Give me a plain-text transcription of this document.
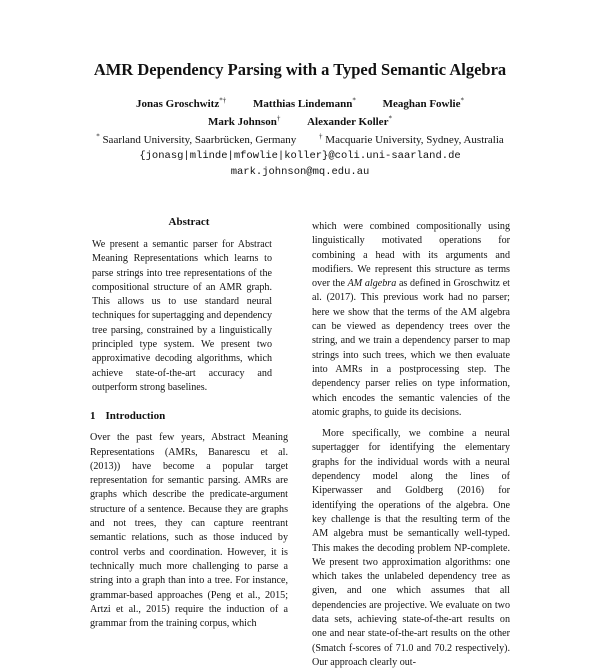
AMR Dependency Parsing with a Typed Semantic Algebra
Jonas Groschwitz*† Matthias Lindemann* Meaghan Fowlie*
Mark Johnson† Alexander Koller*
* Saarland University, Saarbrücken, Germany	† Macquarie University, Sydney, Australia
{jonasg|mlinde|mfowlie|koller}@coli.uni-saarland.de
mark.johnson@mq.edu.au
Abstract

We present a semantic parser for Abstract Meaning Representations which learns to parse strings into tree representations of the compositional structure of an AMR graph. This allows us to use standard neural techniques for supertagging and dependency tree parsing, constrained by a linguistically principled type system. We present two approximative decoding algorithms, which achieve state-of-the-art accuracy and outperform strong baselines.

1 Introduction

Over the past few years, Abstract Meaning Representations (AMRs, Banarescu et al. (2013)) have become a popular target representation for semantic parsing. AMRs are graphs which describe the predicate-argument structure of a sentence. Because they are graphs and not trees, they can capture reentrant semantic relations, such as those induced by control verbs and coordination. However, it is technically much more challenging to parse a string into a graph than into a tree. For instance, grammar-based approaches (Peng et al., 2015; Artzi et al., 2015) require the induction of a grammar from the training corpus, which

which were combined compositionally using linguistically motivated operations for combining a head with its arguments and modifiers. We represent this structure as terms over the AM algebra as defined in Groschwitz et al. (2017). This previous work had no parser; here we show that the terms of the AM algebra can be viewed as dependency trees over the string, and we train a dependency parser to map strings into such trees, which we then evaluate into AMRs in a postprocessing step. The dependency parser relies on type information, which encodes the semantic valencies of the atomic graphs, to guide its decisions.

More specifically, we combine a neural supertagger for identifying the elementary graphs for the individual words with a neural dependency model along the lines of Kiperwasser and Goldberg (2016) for identifying the operations of the algebra. One key challenge is that the resulting term of the AM algebra must be semantically well-typed. This makes the decoding problem NP-complete. We present two approximation algorithms: one which takes the unlabeled dependency tree as given, and one which assumes that all dependencies are projective. We evaluate on two data sets, achieving state-of-the-art results on one and near state-of-the-art results on the other (Smatch f-scores of 71.0 and 70.2 respectively). Our approach clearly out-
